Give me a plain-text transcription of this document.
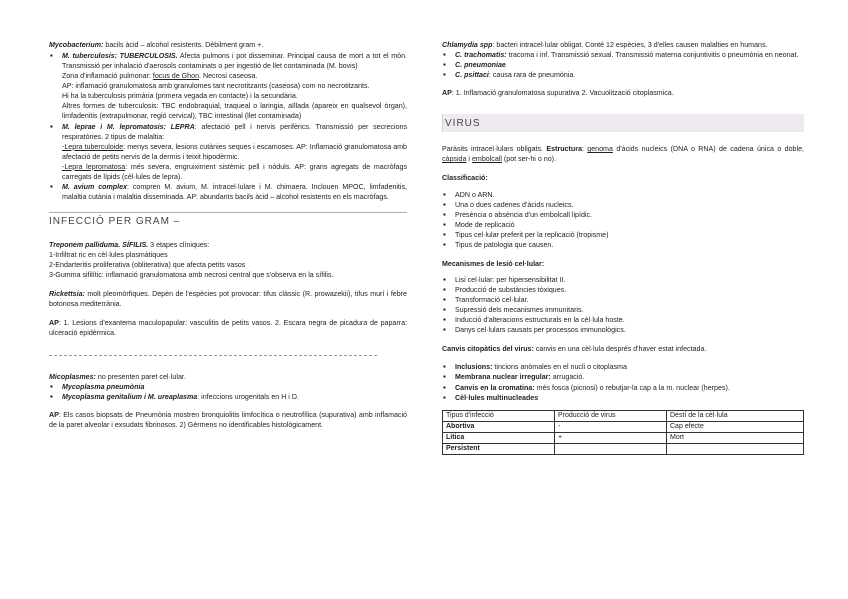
Mycobacterium: bacils àcid – alcohol resistents. Dèbilment gram +.

▪ M. tuberculosis: TUBERCULOSIS. Afecta pulmons i pot disseminar. Principal causa de mort a tot el món. Transmissió per inhalació d'aerosols contaminats o per ingestió de llet contaminada (M. bovis)
Zona d'inflamació pulmonar: focus de Ghon. Necrosi caseosa.
AP: inflamació granulomatosa amb granulomes tant necrotitzants (caseosa) com no necrotitzants.
Hi ha la tuberculosis primària (primera vegada en contacte) i la secundària.
Altres formes de tuberculosis: TBC endobraquial, traqueal o laringia, aïllada (apareix en qualsevol òrgan), limfadenitis (extrapulmonar, regió cervical), TBC intestinal (llet contaminada)
▪ M. leprae i M. lepromatosis: LEPRA: afectació pell i nervis perifèrics. Transmissió per secrecions respiratòries. 2 tipus de malaltia:
-Lepra tuberculoide: menys severa, lesions cutànies seques i escamoses. AP: Inflamació granulomatosa amb afectació de petits nervis de la dermis i teixit hipodèrmic.
-Lepra lepromatosa: més severa, engruiximent sistèmic pell i nòduls. AP: grans agregats de macròfags carregats de lípids (cèl·lules de lepra).
▪ M. avium complex: compren M. avium, M. intracel·lulare i M. chimaera. Inclouen MPOC, limfadenitis, malaltia cutània i malaltia disseminada. AP: abundants bacils àcid – alcohol resistents en els macròfags.
INFECCIÓ PER GRAM –

Treponem palliduma. SÍFILIS. 3 etapes clíniques:
1-Infiltrat ric en cèl·lules plasmàtiques
2-Endarteritis proliferativa (obliterativa) que afecta petits vasos
3-Gumma sifilític: inflamació granulomatosa amb necrosi central que s'observa en la sífilis.

Rickettsia: molt pleomòrfiques. Depèn de l'espècies pot provocar: tifus clàssic (R. prowazekii), tifus murí i febre botonosa mediterrània.

AP: 1. Lesions d'exantema maculopapular: vasculitis de petits vasos. 2. Escara negra de picadura de paparra: ulceració epidèrmica.

Micoplasmes: no presenten paret cel·lular.

▪ Mycoplasma pneumònia
▪ Mycoplasma genitalium i M. ureaplasma: infeccions urogenitals en H i D.

AP: Els casos biopsats de Pneumònia mostren bronquiolitis limfocítica o neutrofílica (supurativa) amb inflamació de la paret alveolar i exsudats fibrinosos. 2) Gèrmens no identificables histològicament.

Chlamydia spp: bacteri intracel·lular obligat. Conté 12 espècies, 3 d'elles causen malalties en humans.

▪ C. trachomatis: tracoma i inf. Transmissió sexual. Transmissió materna conjuntivitis o pneumònia en neonat.
▪ C. pneumoniae
▪ C. psittaci: causa rara de pneumònia.

AP: 1. Inflamació granulomatosa supurativa 2. Vacuolització citoplasmica.

VIRUS

Paràsits intracel·lulars obligats. Estructura: genoma d'àcids nucleics (DNA o RNA) de cadena única o doble, càpsida i embolcall (pot ser-hi o no).

Classificació:
▪ ADN o ARN.
▪ Una o dues cadenes d'àcids nucleics.
▪ Presència o absència d'un embolcall lipídic.
▪ Mode de replicació
▪ Tipus cel·lular preferit per la replicació (tropisme)
▪ Tipus de patologia que causen.
Mecanismes de lesió cel·lular:
▪ Lisi cel·lular: per hipersensibilitat II.
▪ Producció de substàncies tòxiques.
▪ Transformació cel·lular.
▪ Supressió dels mecanismes immunitaris.
▪ Inducció d'alteracions estructurals en la cèl·lula hoste.
▪ Danys cel·lulars causats per processos immunològics.

Canvis citopàtics del virus: canvis en una cèl·lula després d'haver estat infectada.

▪ Inclusions: tincions anòmales en el nucli o citoplasma
▪ Membrana nuclear irregular: arrugació.
▪ Canvis en la cromatina: més fosca (picnosi) o rebutjar-la cap a la m. nuclear (herpes).
▪ Cèl·lules multinucleades
Tipus d'infecció	Producció de virus	Destí de la cèl·lula
Abortiva	-	Cap efecte
Lítica	+	Mort
Persistent		
